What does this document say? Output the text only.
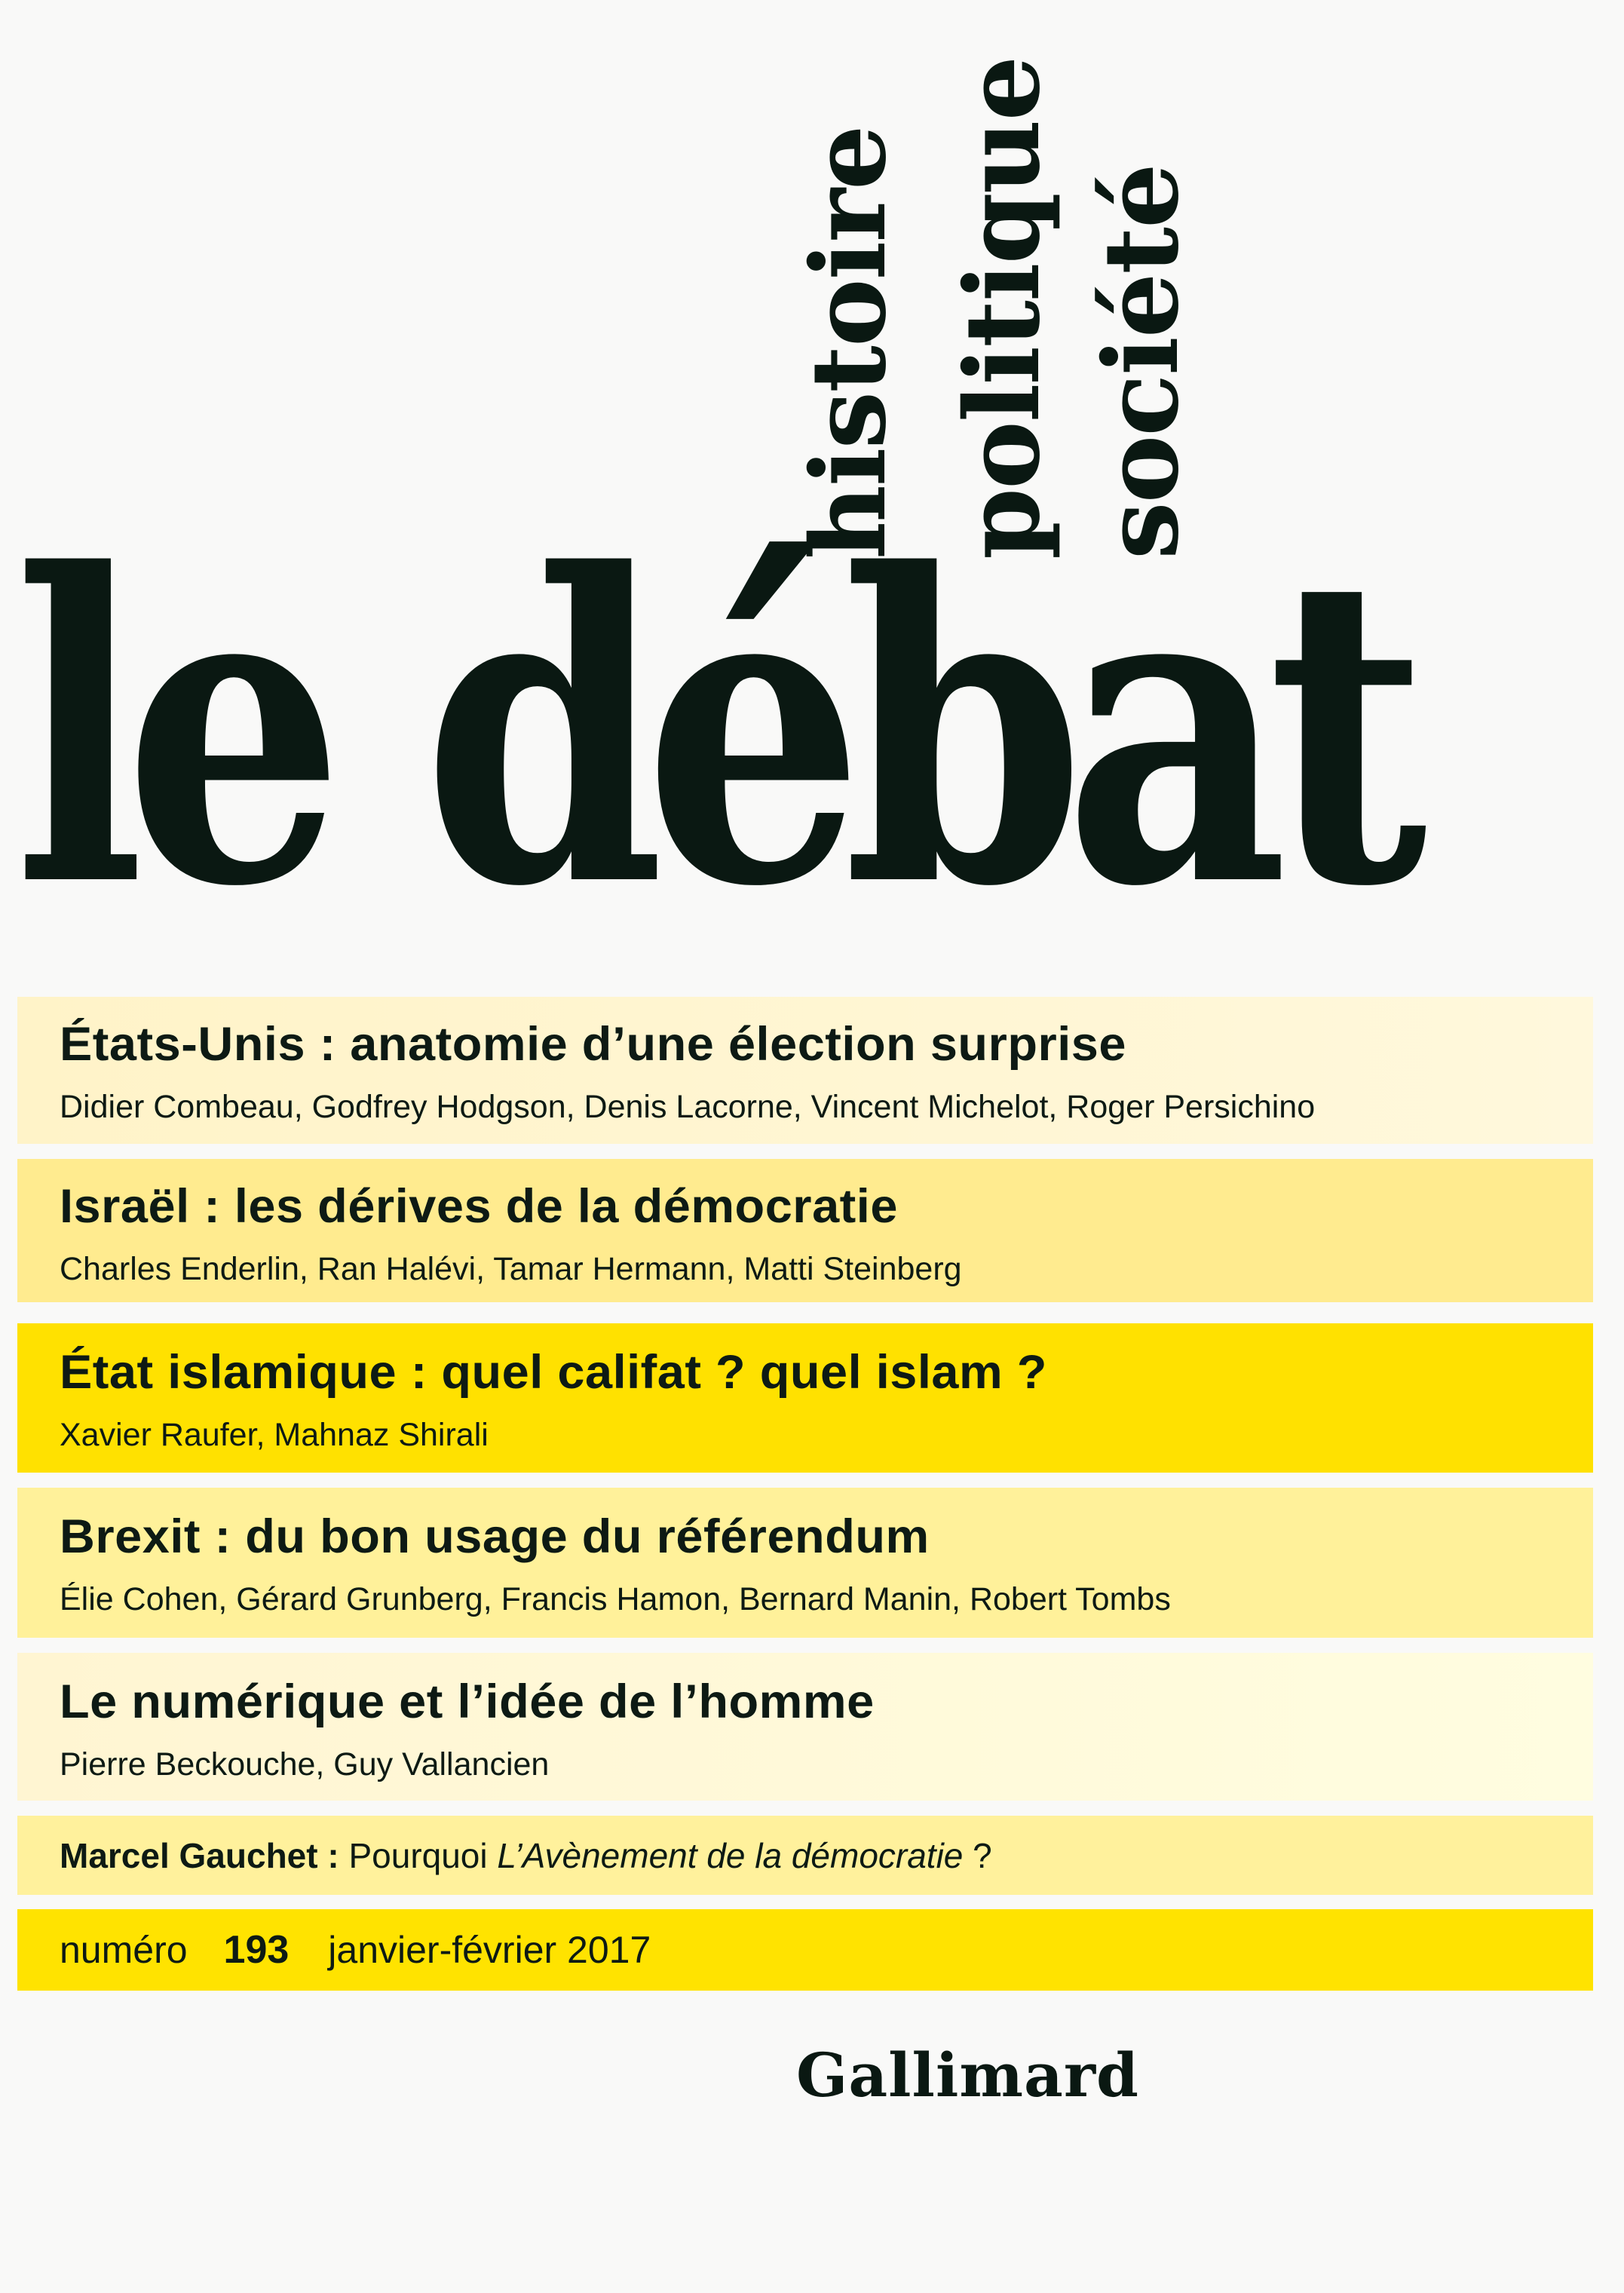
histoire politique société
le débat
États-Unis : anatomie d’une élection surprise
Didier Combeau, Godfrey Hodgson, Denis Lacorne, Vincent Michelot, Roger Persichino
Israël : les dérives de la démocratie
Charles Enderlin, Ran Halévi, Tamar Hermann, Matti Steinberg
État islamique : quel califat ? quel islam ?
Xavier Raufer, Mahnaz Shirali
Brexit : du bon usage du référendum
Élie Cohen, Gérard Grunberg, Francis Hamon, Bernard Manin, Robert Tombs
Le numérique et l’idée de l’homme
Pierre Beckouche, Guy Vallancien
Marcel Gauchet : Pourquoi L’Avènement de la démocratie ?
numéro 193 janvier-février 2017
Gallimard
